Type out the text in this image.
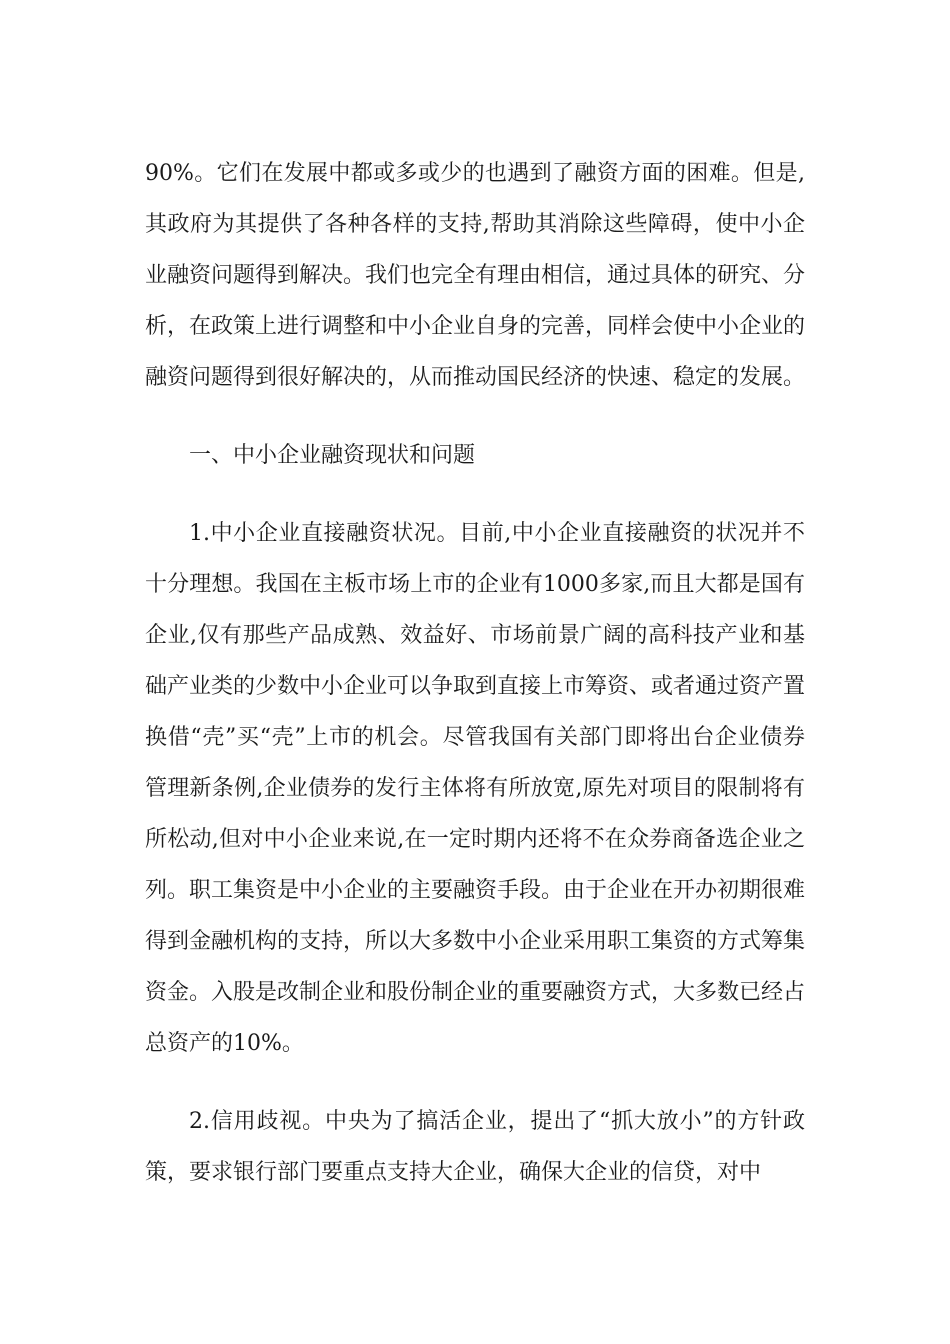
90%。它们在发展中都或多或少的也遇到了融资方面的困难。但是,其政府为其提供了各种各样的支持,帮助其消除这些障碍，使中小企业融资问题得到解决。我们也完全有理由相信，通过具体的研究、分析，在政策上进行调整和中小企业自身的完善，同样会使中小企业的融资问题得到很好解决的，从而推动国民经济的快速、稳定的发展。

一、中小企业融资现状和问题

1.中小企业直接融资状况。目前,中小企业直接融资的状况并不十分理想。我国在主板市场上市的企业有1000多家,而且大都是国有企业,仅有那些产品成熟、效益好、市场前景广阔的高科技产业和基础产业类的少数中小企业可以争取到直接上市筹资、或者通过资产置换借“壳”买“壳”上市的机会。尽管我国有关部门即将出台企业债券管理新条例,企业债券的发行主体将有所放宽,原先对项目的限制将有所松动,但对中小企业来说,在一定时期内还将不在众券商备选企业之列。职工集资是中小企业的主要融资手段。由于企业在开办初期很难得到金融机构的支持，所以大多数中小企业采用职工集资的方式筹集资金。入股是改制企业和股份制企业的重要融资方式，大多数已经占总资产的10%。

2.信用歧视。中央为了搞活企业，提出了“抓大放小”的方针政策，要求银行部门要重点支持大企业，确保大企业的信贷，对中
